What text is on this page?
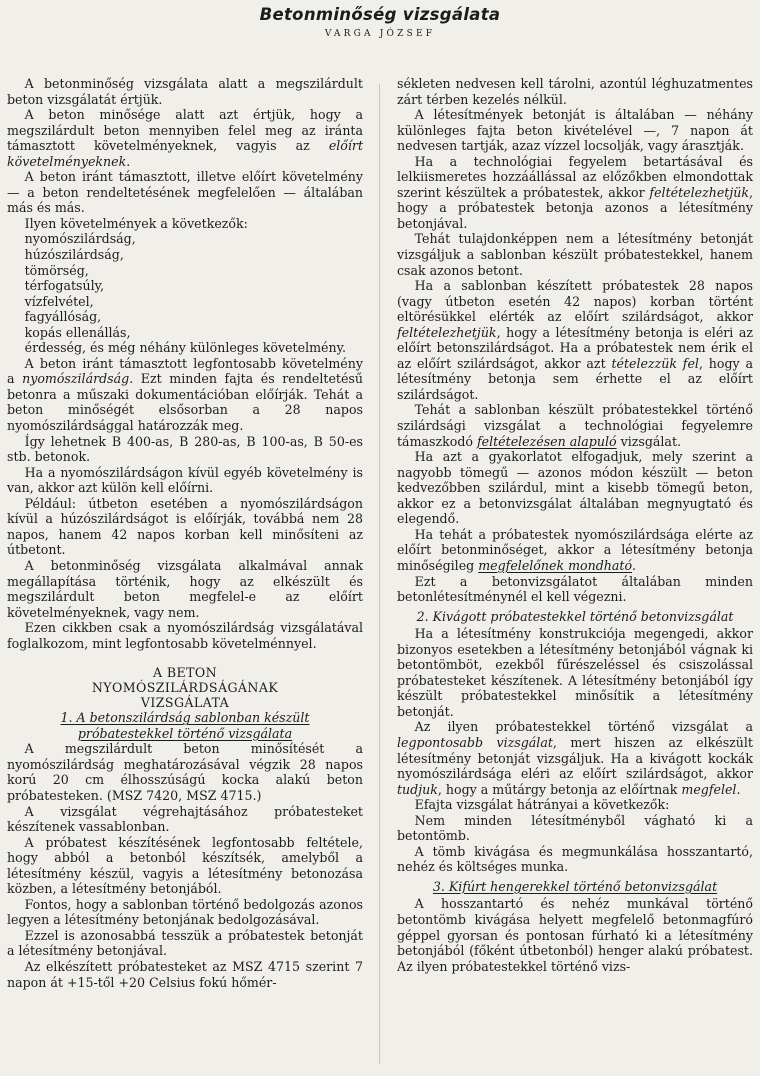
Betonminőség vizsgálata
VARGA JÓZSEF

A betonminőség vizsgálata alatt a megszilárdult beton vizsgálatát értjük.

A beton minősége alatt azt értjük, hogy a megszilárdult beton mennyiben felel meg az iránta támasztott követelményeknek, vagyis az előírt követelményeknek.

A beton iránt támasztott, illetve előírt követelmény — a beton rendeltetésének megfelelően — általában más és más.

Ilyen követelmények a következők:

nyomószilárdság,
húzószilárdság,
tömörség,
térfogatsúly,
vízfelvétel,
fagyállóság,
kopás ellenállás,

érdesség, és még néhány különleges követelmény.

A beton iránt támasztott legfontosabb követelmény a nyomószilárdság. Ezt minden fajta és rendeltetésű betonra a műszaki dokumentációban előírják. Tehát a beton minőségét elsősorban a 28 napos nyomószilárdsággal határozzák meg.

Így lehetnek B 400-as, B 280-as, B 100-as, B 50-es stb. betonok.

Ha a nyomószilárdságon kívül egyéb követelmény is van, akkor azt külön kell előírni.

Például: útbeton esetében a nyomószilárdságon kívül a húzószilárdságot is előírják, továbbá nem 28 napos, hanem 42 napos korban kell minősíteni az útbetont.

A betonminőség vizsgálata alkalmával annak megállapítása történik, hogy az elkészült és megszilárdult beton megfelel-e az előírt követelményeknek, vagy nem.

Ezen cikkben csak a nyomószilárdság vizsgálatával foglalkozom, mint legfontosabb követelménnyel.

A BETON NYOMÓSZILÁRDSÁGÁNAK VIZSGÁLATA

1. A betonszilárdság sablonban készült próbatestekkel történő vizsgálata

A megszilárdult beton minősítését a nyomószilárdság meghatározásával végzik 28 napos korú 20 cm élhosszúságú kocka alakú beton próbatesteken. (MSZ 7420, MSZ 4715.)

A vizsgálat végrehajtásához próbatesteket készítenek vassablonban.

A próbatest készítésének legfontosabb feltétele, hogy abból a betonból készítsék, amelyből a létesítmény készül, vagyis a létesítmény betonozása közben, a létesítmény betonjából.

Fontos, hogy a sablonban történő bedolgozás azonos legyen a létesítmény betonjának bedolgozásával.

Ezzel is azonosabbá tesszük a próbatestek betonját a létesítmény betonjával.

Az elkészített próbatesteket az MSZ 4715 szerint 7 napon át +15-től +20 Celsius fokú hőmér-

sékleten nedvesen kell tárolni, azontúl léghuzatmentes zárt térben kezelés nélkül.

A létesítmények betonját is általában — néhány különleges fajta beton kivételével —, 7 napon át nedvesen tartják, azaz vízzel locsolják, vagy árasztják.

Ha a technológiai fegyelem betartásával és lelkiismeretes hozzáállással az előzőkben elmondottak szerint készültek a próbatestek, akkor feltételezhetjük, hogy a próbatestek betonja azonos a létesítmény betonjával.

Tehát tulajdonképpen nem a létesítmény betonját vizsgáljuk a sablonban készült próbatestekkel, hanem csak azonos betont.

Ha a sablonban készített próbatestek 28 napos (vagy útbeton esetén 42 napos) korban történt eltörésükkel elérték az előírt szilárdságot, akkor feltételezhetjük, hogy a létesítmény betonja is eléri az előírt betonszilárdságot. Ha a próbatestek nem érik el az előírt szilárdságot, akkor azt tételezzük fel, hogy a létesítmény betonja sem érhette el az előírt szilárdságot.

Tehát a sablonban készült próbatestekkel történő szilárdsági vizsgálat a technológiai fegyelemre támaszkodó feltételezésen alapuló vizsgálat.

Ha azt a gyakorlatot elfogadjuk, mely szerint a nagyobb tömegű — azonos módon készült — beton kedvezőbben szilárdul, mint a kisebb tömegű beton, akkor ez a betonvizsgálat általában megnyugtató és elegendő.

Ha tehát a próbatestek nyomószilárdsága elérte az előírt betonminőséget, akkor a létesítmény betonja minőségileg megfelelőnek mondható.

Ezt a betonvizsgálatot általában minden betonlétesítménynél el kell végezni.

2. Kivágott próbatestekkel történő betonvizsgálat

Ha a létesítmény konstrukciója megengedi, akkor bizonyos esetekben a létesítmény betonjából vágnak ki betontömböt, ezekből fűrészeléssel és csiszolással próbatesteket készítenek. A létesítmény betonjából így készült próbatestekkel minősítik a létesítmény betonját.

Az ilyen próbatestekkel történő vizsgálat a legpontosabb vizsgálat, mert hiszen az elkészült létesítmény betonját vizsgáljuk. Ha a kivágott kockák nyomószilárdsága eléri az előírt szilárdságot, akkor tudjuk, hogy a műtárgy betonja az előírtnak megfelel.

Efajta vizsgálat hátrányai a következők:

Nem minden létesítményből vágható ki a betontömb.

A tömb kivágása és megmunkálása hosszantartó, nehéz és költséges munka.

3. Kifúrt hengerekkel történő betonvizsgálat

A hosszantartó és nehéz munkával történő betontömb kivágása helyett megfelelő betonmagfúró géppel gyorsan és pontosan fúrható ki a létesítmény betonjából (főként útbetonból) henger alakú próbatest. Az ilyen próbatestekkel történő vizs-
